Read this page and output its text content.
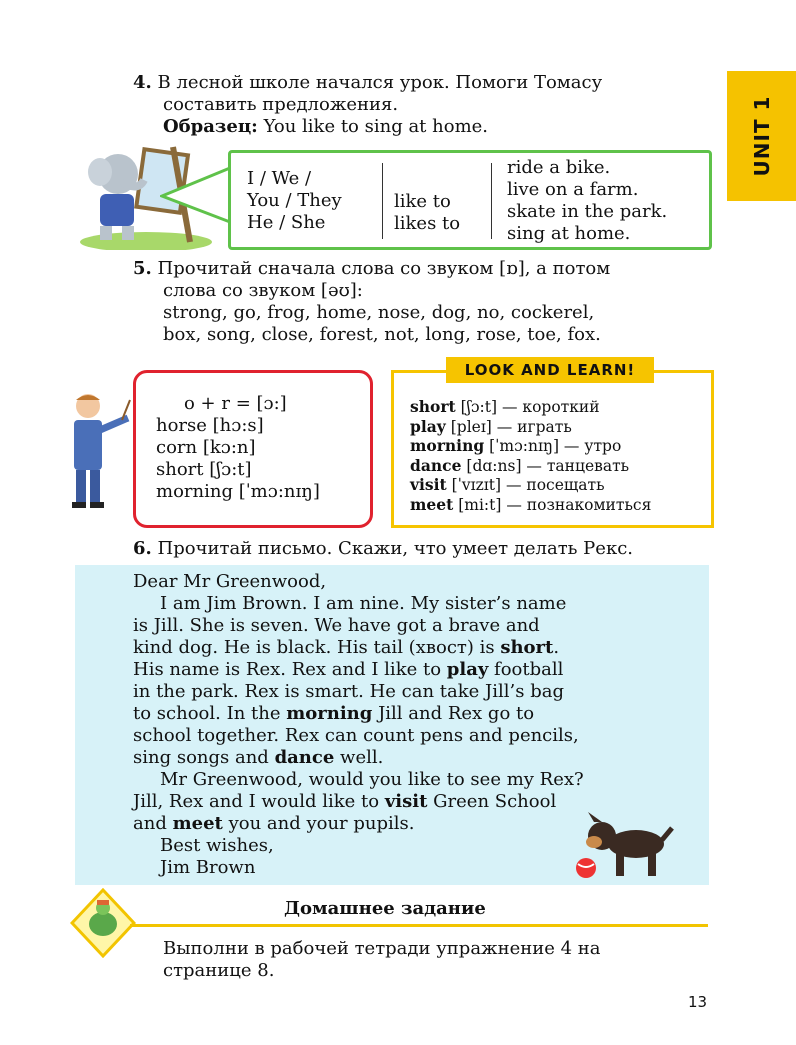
UNIT 1
4. В лесной школе начался урок. Помоги Томасу
составить предложения.
Образец: You like to sing at home.
I / We /
You / They
He / She
like to
likes to
ride a bike.
live on a farm.
skate in the park.
sing at home.
5. Прочитай сначала слова со звуком [ɒ], а потом
слова со звуком [əʊ]:
strong, go, frog, home, nose, dog, no, cockerel,
box, song, close, forest, not, long, rose, toe, fox.
o + r = [ɔ:]
horse [hɔ:s]
corn [kɔ:n]
short [ʃɔ:t]
morning [ˈmɔ:nɪŋ]
short [ʃɔ:t] — короткий
play [pleɪ] — играть
morning [ˈmɔ:nɪŋ] — утро
dance [dɑ:ns] — танцевать
visit [ˈvɪzɪt] — посещать
meet [mi:t] — познакомиться
LOOK AND LEARN!
6. Прочитай письмо. Скажи, что умеет делать Рекс.
Dear Mr Greenwood,
I am Jim Brown. I am nine. My sister’s name
is Jill. She is seven. We have got a brave and
kind dog. He is black. His tail (хвост) is short.
His name is Rex. Rex and I like to play football
in the park. Rex is smart. He can take Jill’s bag
to school. In the morning Jill and Rex go to
school together. Rex can count pens and pencils,
sing songs and dance well.
Mr Greenwood, would you like to see my Rex?
Jill, Rex and I would like to visit Green School
and meet you and your pupils.
Best wishes,
Jim Brown
Домашнее задание
Выполни в рабочей тетради упражнение 4 на
странице 8.
13
